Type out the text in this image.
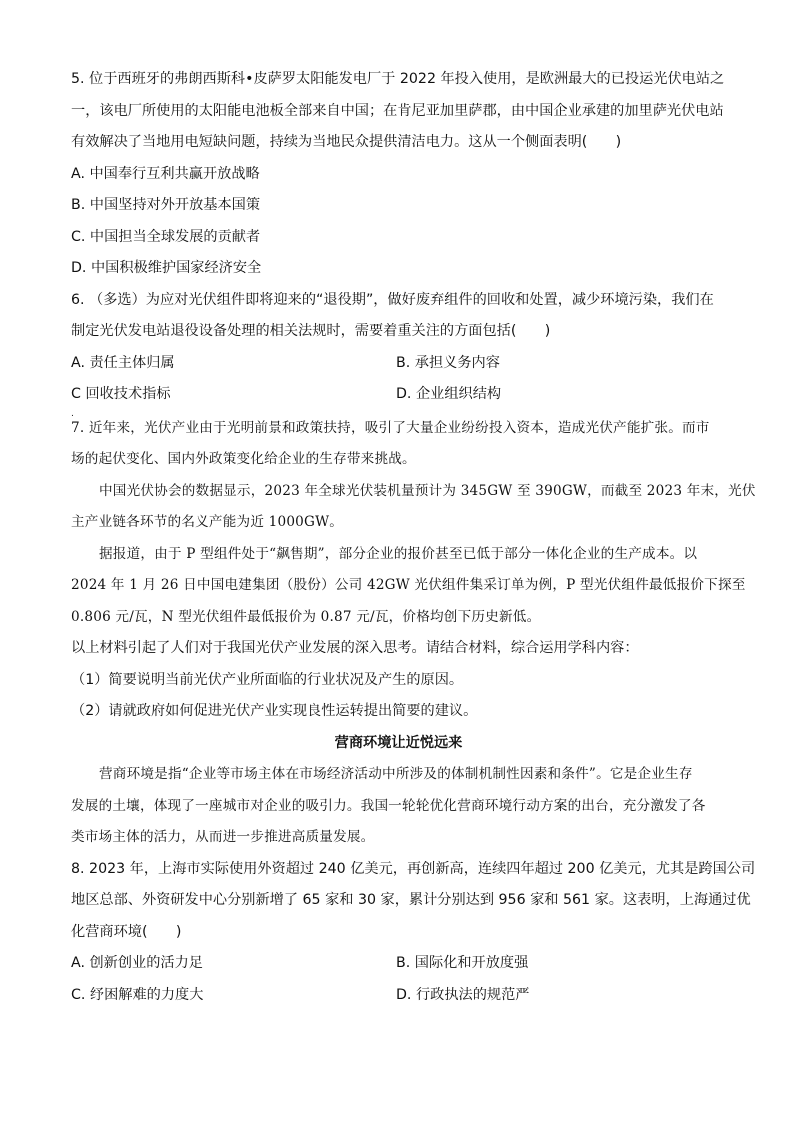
5. 位于西班牙的弗朗西斯科•皮萨罗太阳能发电厂于 2022 年投入使用，是欧洲最大的已投运光伏电站之
一，该电厂所使用的太阳能电池板全部来自中国；在肯尼亚加里萨郡，由中国企业承建的加里萨光伏电站
有效解决了当地用电短缺问题，持续为当地民众提供清洁电力。这从一个侧面表明(　　)
A. 中国奉行互利共赢开放战略
B. 中国坚持对外开放基本国策
C. 中国担当全球发展的贡献者
D. 中国积极维护国家经济安全
6. （多选）为应对光伏组件即将迎来的“退役期”，做好废弃组件的回收和处置，减少环境污染，我们在
制定光伏发电站退役设备处理的相关法规时，需要着重关注的方面包括(　　)
A. 责任主体归属	B. 承担义务内容
C 回收技术指标	D. 企业组织结构
.
7. 近年来，光伏产业由于光明前景和政策扶持，吸引了大量企业纷纷投入资本，造成光伏产能扩张。而市
场的起伏变化、国内外政策变化给企业的生存带来挑战。
中国光伏协会的数据显示，2023 年全球光伏装机量预计为 345GW 至 390GW，而截至 2023 年末，光伏
主产业链各环节的名义产能为近 1000GW。
据报道，由于 P 型组件处于“飙售期”，部分企业的报价甚至已低于部分一体化企业的生产成本。以
2024 年 1 月 26 日中国电建集团（股份）公司 42GW 光伏组件集采订单为例，P 型光伏组件最低报价下探至
0.806 元/瓦，N 型光伏组件最低报价为 0.87 元/瓦，价格均创下历史新低。
以上材料引起了人们对于我国光伏产业发展的深入思考。请结合材料，综合运用学科内容：
（1）简要说明当前光伏产业所面临的行业状况及产生的原因。
（2）请就政府如何促进光伏产业实现良性运转提出简要的建议。
营商环境让近悦远来
营商环境是指“企业等市场主体在市场经济活动中所涉及的体制机制性因素和条件”。它是企业生存
发展的土壤，体现了一座城市对企业的吸引力。我国一轮轮优化营商环境行动方案的出台，充分激发了各
类市场主体的活力，从而进一步推进高质量发展。
8. 2023 年，上海市实际使用外资超过 240 亿美元，再创新高，连续四年超过 200 亿美元，尤其是跨国公司
地区总部、外资研发中心分别新增了 65 家和 30 家，累计分别达到 956 家和 561 家。这表明，上海通过优
化营商环境(　　)
A. 创新创业的活力足	B. 国际化和开放度强
C. 纾困解难的力度大	D. 行政执法的规范严
